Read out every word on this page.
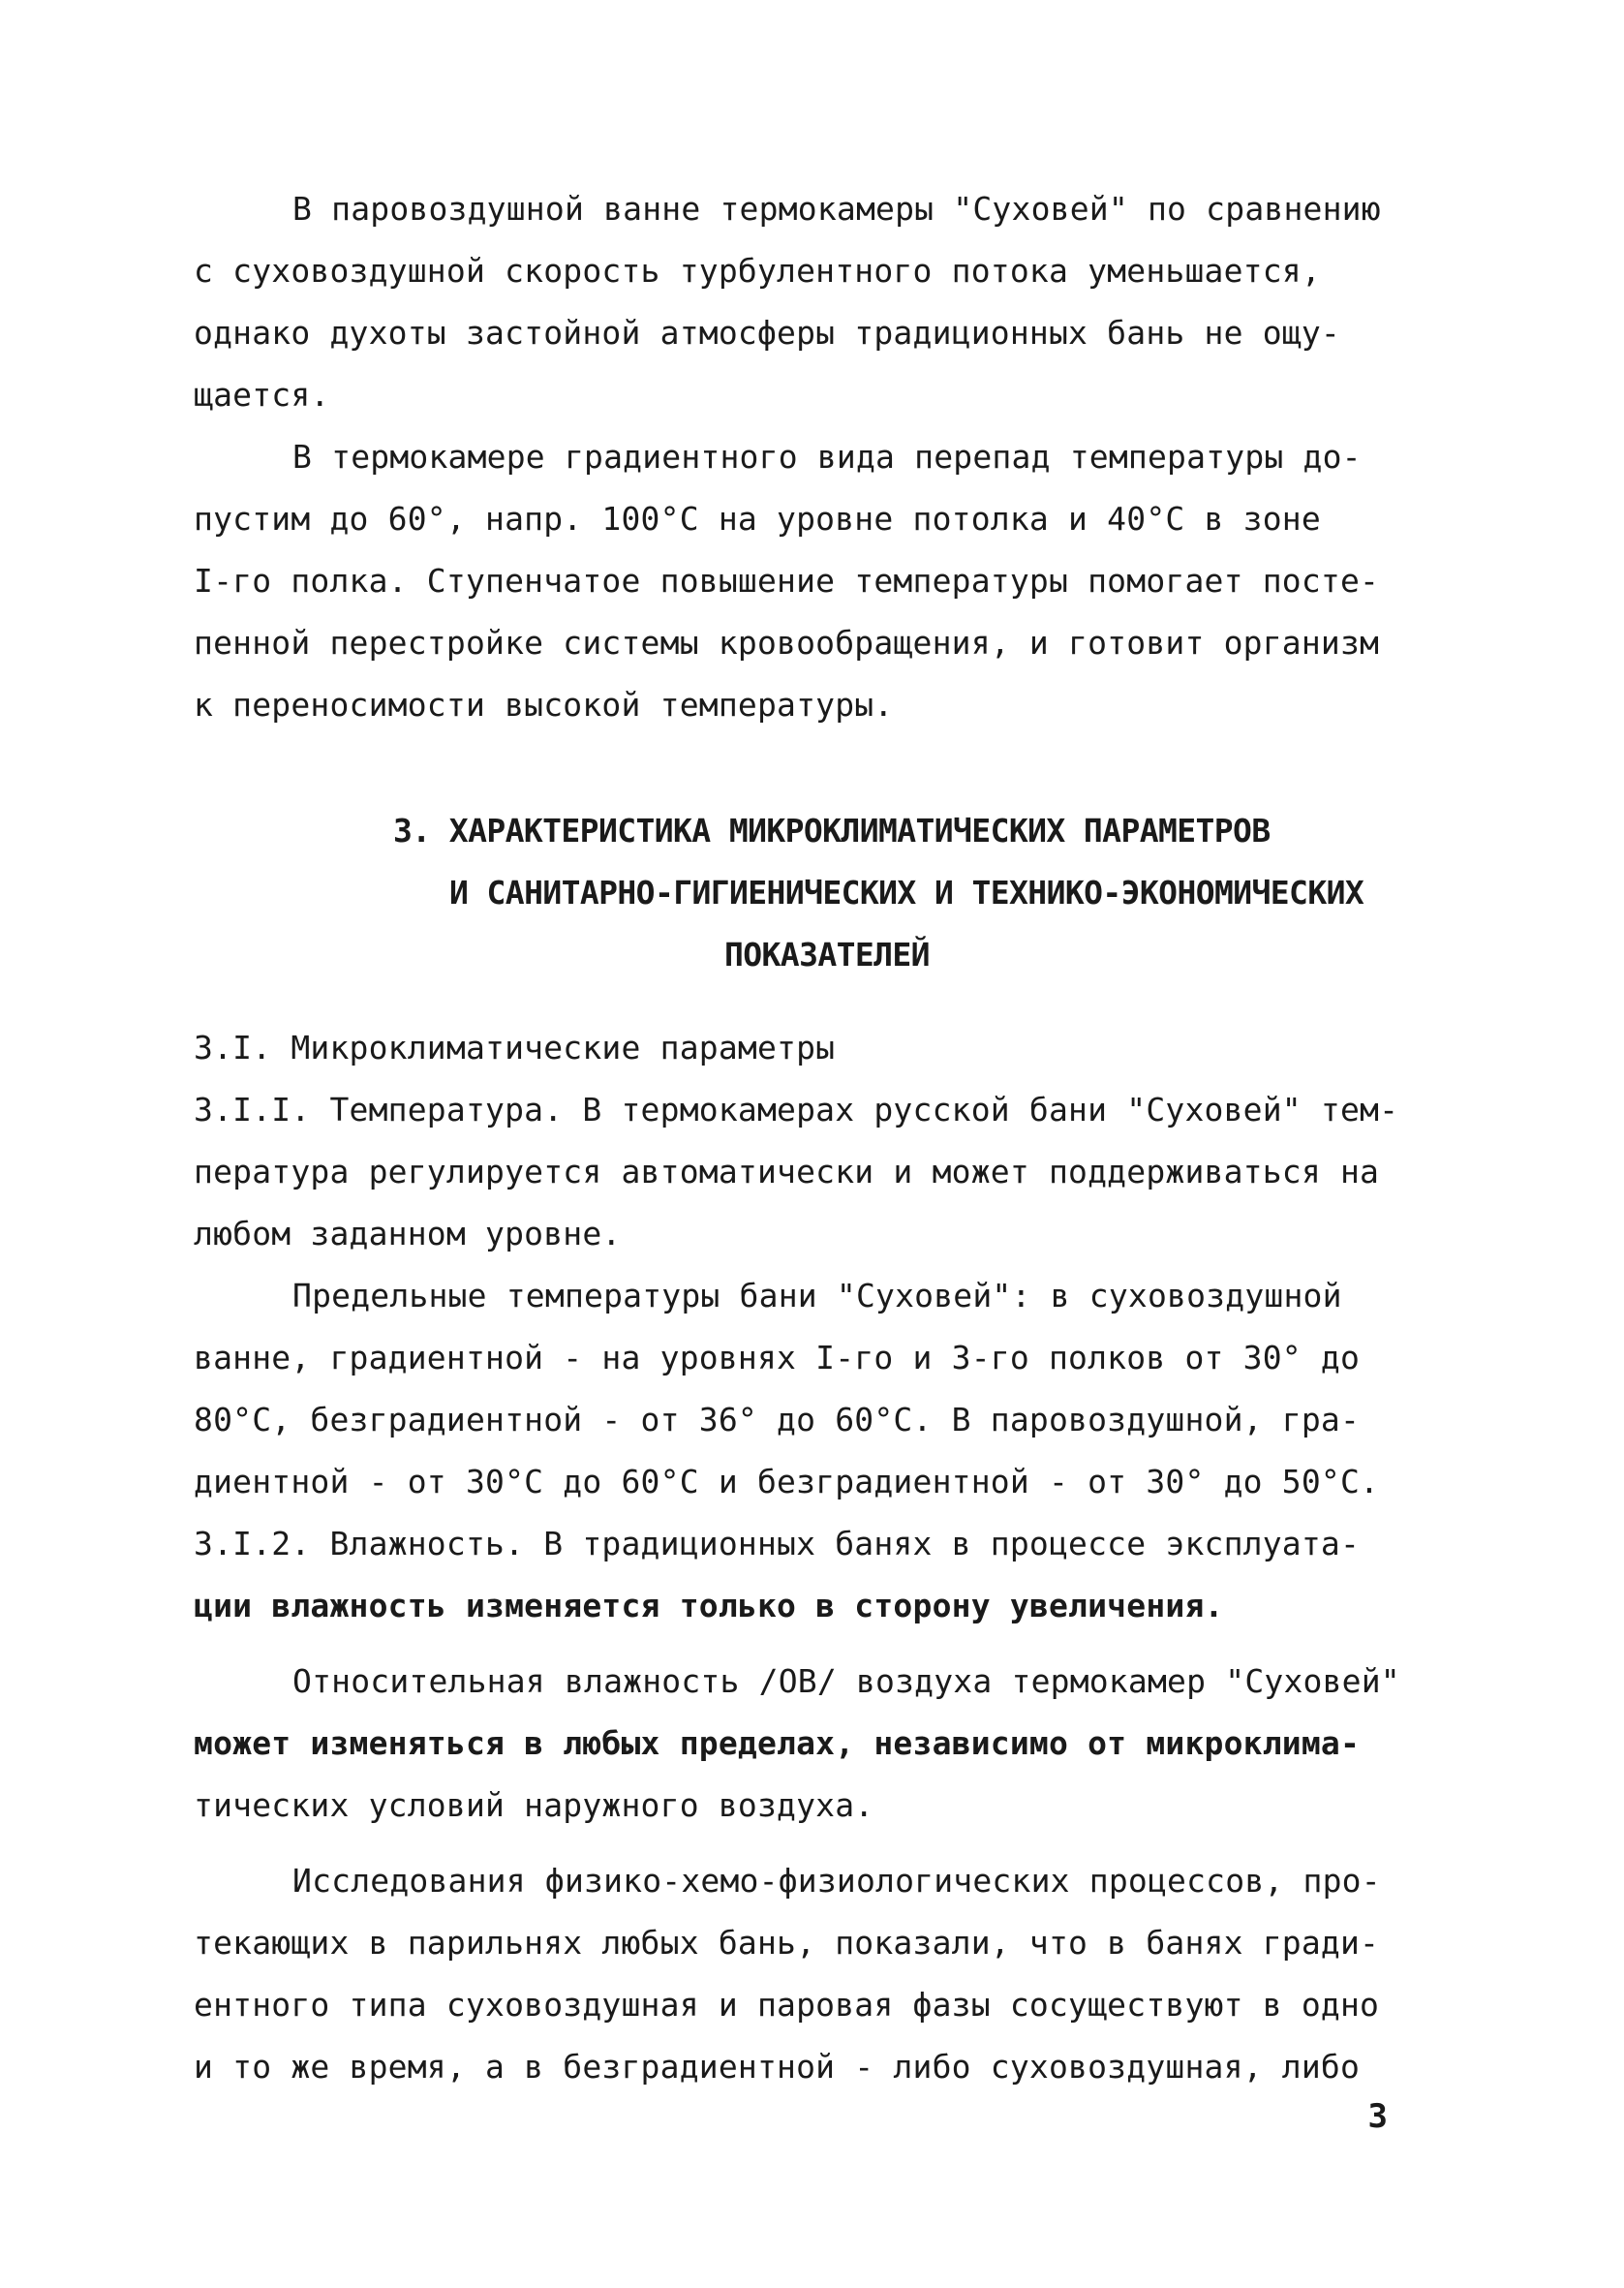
В паровоздушной ванне термокамеры "Суховей" по сравнению
с суховоздушной скорость турбулентного потока уменьшается,
однако духоты застойной атмосферы традиционных бань не ощу-
щается.
В термокамере градиентного вида перепад температуры до-
пустим до 60°, напр. 100°С на уровне потолка и 40°С в зоне
I-го полка. Ступенчатое повышение температуры помогает посте-
пенной перестройке системы кровообращения, и готовит организм
к переносимости высокой температуры.
3. ХАРАКТЕРИСТИКА МИКРОКЛИМАТИЧЕСКИХ ПАРАМЕТРОВ
И САНИТАРНО-ГИГИЕНИЧЕСКИХ И ТЕХНИКО-ЭКОНОМИЧЕСКИХ
ПОКАЗАТЕЛЕЙ
3.I. Микроклиматические параметры
3.I.I. Температура. В термокамерах русской бани "Суховей" тем-
пература регулируется автоматически и может поддерживаться на
любом заданном уровне.
Предельные температуры бани "Суховей": в суховоздушной
ванне, градиентной - на уровнях I-го и 3-го полков от 30° до
80°С, безградиентной - от 36° до 60°С. В паровоздушной, гра-
диентной - от 30°С до 60°С и безградиентной - от 30° до 50°С.
3.I.2. Влажность. В традиционных банях в процессе эксплуата-
ции влажность изменяется только в сторону увеличения.
Относительная влажность /ОВ/ воздуха термокамер "Суховей"
может изменяться в любых пределах, независимо от микроклима-
тических условий наружного воздуха.
Исследования физико-хемо-физиологических процессов, про-
текающих в парильнях любых бань, показали, что в банях гради-
ентного типа суховоздушная и паровая фазы сосуществуют в одно
и то же время, а в безградиентной - либо суховоздушная, либо
3
